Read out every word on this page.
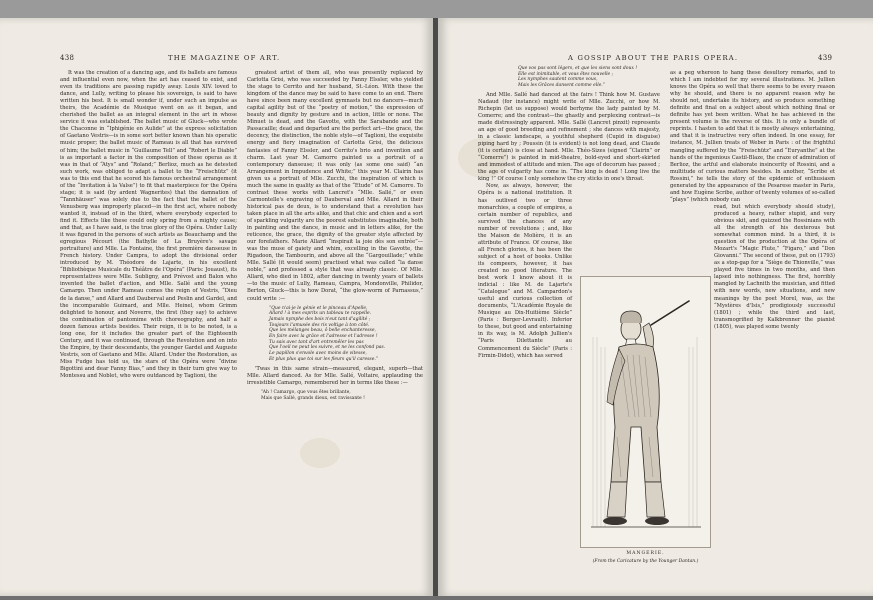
438	THE MAGAZINE OF ART.

It was the creation of a dancing age, and its ballets are famous and influential even now, when the art has ceased to exist, and even its traditions are passing rapidly away. Louis XIV. loved to dance, and Lully, writing to please his sovereign, is said to have written his best. It is small wonder if, under such an impulse as theirs, the Académie de Musique went on as it began, and cherished the ballet as an integral element in the art in whose service it was established. The ballet music of Gluck—who wrote the Chaconne in “Iphigénie en Aulide” at the express solicitation of Gaetano Vestris—is in some sort better known than his operatic music proper; the ballet music of Rameau is all that has survived of him; the ballet music in “Guillaume Tell” and “Robert le Diable” is as important a factor in the composition of these operas as it was in that of “Atys” and “Roland;” Berlioz, much as he detested such work, was obliged to adapt a ballet to the “Freischütz” (it was to this end that he scored his famous orchestral arrangement of the “Invitation à la Valse”) to fit that masterpiece for the Opéra stage; it is said (by ardent Wagnerites) that the damnation of “Tannhäuser” was solely due to the fact that the ballet of the Venusberg was improperly placed—in the first act, where nobody wanted it, instead of in the third, where everybody expected to find it. Effects like these could only spring from a mighty cause; and that, as I have said, is the true glory of the Opéra. Under Lully it was figured in the persons of such artists as Beauchamp and the egregious Pécourt (the Bathylle of La Bruyère's savage portraiture) and Mlle. La Fontaine, the first première danseuse in French history. Under Campra, to adopt the divisional order introduced by M. Théodore de Lajarte, in his excellent “Bibliothèque Musicale du Théâtre de l'Opéra” (Paris: Jouaust), its representatives were Mlle. Subligny, and Prévost and Balon who invented the ballet d'action, and Mlle. Sallé and the young Camargo. Then under Rameau comes the reign of Vestris, “Dieu de la danse,” and Allard and Dauberval and Peslin and Gardel, and the incomparable Guimard, and Mlle. Heinel, whom Grimm delighted to honour, and Noverre, the first (they say) to achieve the combination of pantomime with choreography, and half a dozen famous artists besides. Their reign, it is to be noted, is a long one, for it includes the greater part of the Eighteenth Century, and it was continued, through the Revolution and on into the Empire, by their descendants, the younger Gardel and Auguste Vestris, son of Gaetano and Mlle. Allard. Under the Restoration, as Miss Fudge has told us, the stars of the Opéra were “divine Bigottini and dear Fanny Bias,” and they in their turn give way to Montessu and Noblet, who were outdanced by Taglioni, the

greatest artist of them all, who was presently replaced by Carlotta Grisi, who was succeeded by Fanny Elssler, who yielded the stage to Cerrito and her husband, St.-Léon. With these the kingdom of the dance may be said to have come to an end. There have since been many excellent gymnasts but no dancers—much capital agility but of the “poetry of motion,” the expression of beauty and dignity by gesture and in action, little or none. The Minuet is dead, and the Gavotte, with the Sarabande and the Passacaille; dead and departed are the perfect art—the grace, the decency, the distinction, the noble style—of Taglioni, the exquisite energy and fiery imagination of Carlotta Grisi, the delicious fantasies of Fanny Elssler, and Cerrito's brio and invention and charm. Last year M. Camorre painted us a portrait of a contemporary danseuse; it was only (as some one said) “an Arrangement in Impudence and White;” this year M. Clairin has given us a portrait of Mlle. Zucchi, the inspiration of which is much the same in quality as that of the “Etude” of M. Camorre. To contrast these works with Lancret's “Mlle. Sallé,” or even Carmontelle's engraving of Dauberval and Mlle. Allard in their historical pas de deux, is to understand that a revolution has taken place in all the arts alike, and that chic and chien and a sort of sparkling vulgarity are the poorest substitutes imaginable, both in painting and the dance, in music and in letters alike, for the reticence, the grace, the dignity of the greater style affected by our forefathers. Marie Allard “inspirait la joie dès son entrée”—was the muse of gaiety and whim, excelling in the Gavotte, the Rigadoon, the Tambourin, and above all the “Gargouillade;” while Mlle. Sallé (it would seem) practised what was called “la danse noble,” and professed a style that was already classic. Of Mlle. Allard, who died in 1802, after dancing in twenty years of ballets—to the music of Lully, Rameau, Campra, Mondonville, Philidor, Berton, Gluck—this is how Dorat, “the glow-worm of Parnassus,” could write :—

“Que n'ai-je le génie et le pinceau d'Apelle,
Allard ! à mes esprits un tableau te rappelle.
Jamais nymphe des bois n'eut tant d'agilité ;
Toujours l'amusée des ris voltige à ton côté.
Que les mélanges beau, ô belle enchanteresse,
En faire avec la grâce et l'adresse et l'adresse !
Tu sais avec tant d'art entremêler les pas
Que l'oeil ne peut les suivre, et ne les confond pas.
Le papillon s'envole avec moins de vitesse,
Et plus plus que toi sur les fleurs qu'il caresse.”

'Twas in this same strain—measured, elegant, superb—that Mlle. Allard danced. As for Mlle. Sallé, Voltaire, applauding the irresistible Camargo, remembered her in terms like these :—

“Ah ! Camargo, que vous êtes brillante,
Mais que Sallé, grands dieux, est ravissante !
A GOSSIP ABOUT THE PARIS OPERA.	439
Que vos pas sont légers, et que les siens sont doux !
Elle est inimitable, et vous êtes nouvelle ;
Les nymphes sautent comme vous,
Mais les Grâces dansent comme elle.”

And Mlle. Sallé had danced at the fairs ! Think how M. Gustave Nadaud (for instance) might write of Mlle. Zucchi, or how M. Richepin (let us suppose) would berhyme the lady painted by M. Comerre; and the contrast—the ghastly and perplexing contrast—is made distressingly apparent. Mlle. Sallé (Lancret pinxit) represents an age of good breeding and refinement ; she dances with majesty, in a classic landscape, a youthful shepherd (Cupid in disguise) piping hard by ; Poussin (it is evident) is not long dead, and Claude (it is certain) is close at hand. Mlle. Théo-Sizes (signed “Clairin” or “Comerre”) is painted in mid-theatre, bold-eyed and short-skirted and immodest of attitude and mien. The age of decorum has passed ; the age of vulgarity has come in. “The king is dead ! Long live the king !” Of course I only somehow the cry sticks in one's throat.

Now, as always, however, the Opéra is a national institution. It has outlived two or three monarchies, a couple of empires, a certain number of republics, and survived the chances of any number of revolutions ; and, like the Maison de Molière, it is an attribute of France. Of course, like all French glories, it has been the subject of a host of books. Unlike its compeers, however, it has created no good literature. The best work I know about it is indicial : like M. de Lajarte's “Catalogue” and M. Campardon's useful and curious collection of documents, “L'Académie Royale de Musique au Dix-Huitième Siècle” (Paris : Berger-Levrault). Inferior to these, but good and entertaining in its way, is M. Adolph Jullien's “Paris Dilettante au Commencement du Siècle” (Paris : Firmin-Didot), which has served

as a peg whereon to hang these desultory remarks, and to which I am indebted for my several illustrations. M. Jullien knows the Opéra so well that there seems to be every reason why he should, and there is no apparent reason why he should not, undertake its history, and so produce something definite and final on a subject about which nothing final or definite has yet been written. What he has achieved in the present volume is the reverse of this. It is only a bundle of reprints. I hasten to add that it is mostly always entertaining, and that it is instructive very often indeed. In one essay, for instance, M. Jullien treats of Weber in Paris : of the frightful mangling suffered by the “Freischütz” and “Euryanthe” at the hands of the ingenious Castil-Blaze, the craze of admiration of Berlioz, the artful and elaborate insincerity of Rossini, and a multitude of curious matters besides. In another, “Scribe et Rossini,” he tells the story of the epidemic of enthusiasm generated by the appearance of the Pesarese master in Paris, and how Eugène Scribe, author of twenty volumes of so-called “plays” (which nobody can

read, but which everybody should study), produced a heavy, rather stupid, and very obvious skit, and quizzed the Rossinians with all the strength of his dexterous but somewhat common mind. In a third, it is question of the production at the Opéra of Mozart's “Magic Flute,” “Figaro,” and “Don Giovanni.” The second of these, put on (1793) as a stop-gap for a “Siège de Thionville,” was played five times in two months, and then lapsed into nothingness. The first, horribly mangled by Lachnith the musician, and fitted with new words, new situations, and new meanings by the poet Morel, was, as the “Mystères d'Isis,” prodigiously successful (1801) ; while the third and last, transmogrified by Kalkbrenner the pianist (1805), was played some twenty

MANGERIE.
(From the Caricature by the Younger Dantan.)
